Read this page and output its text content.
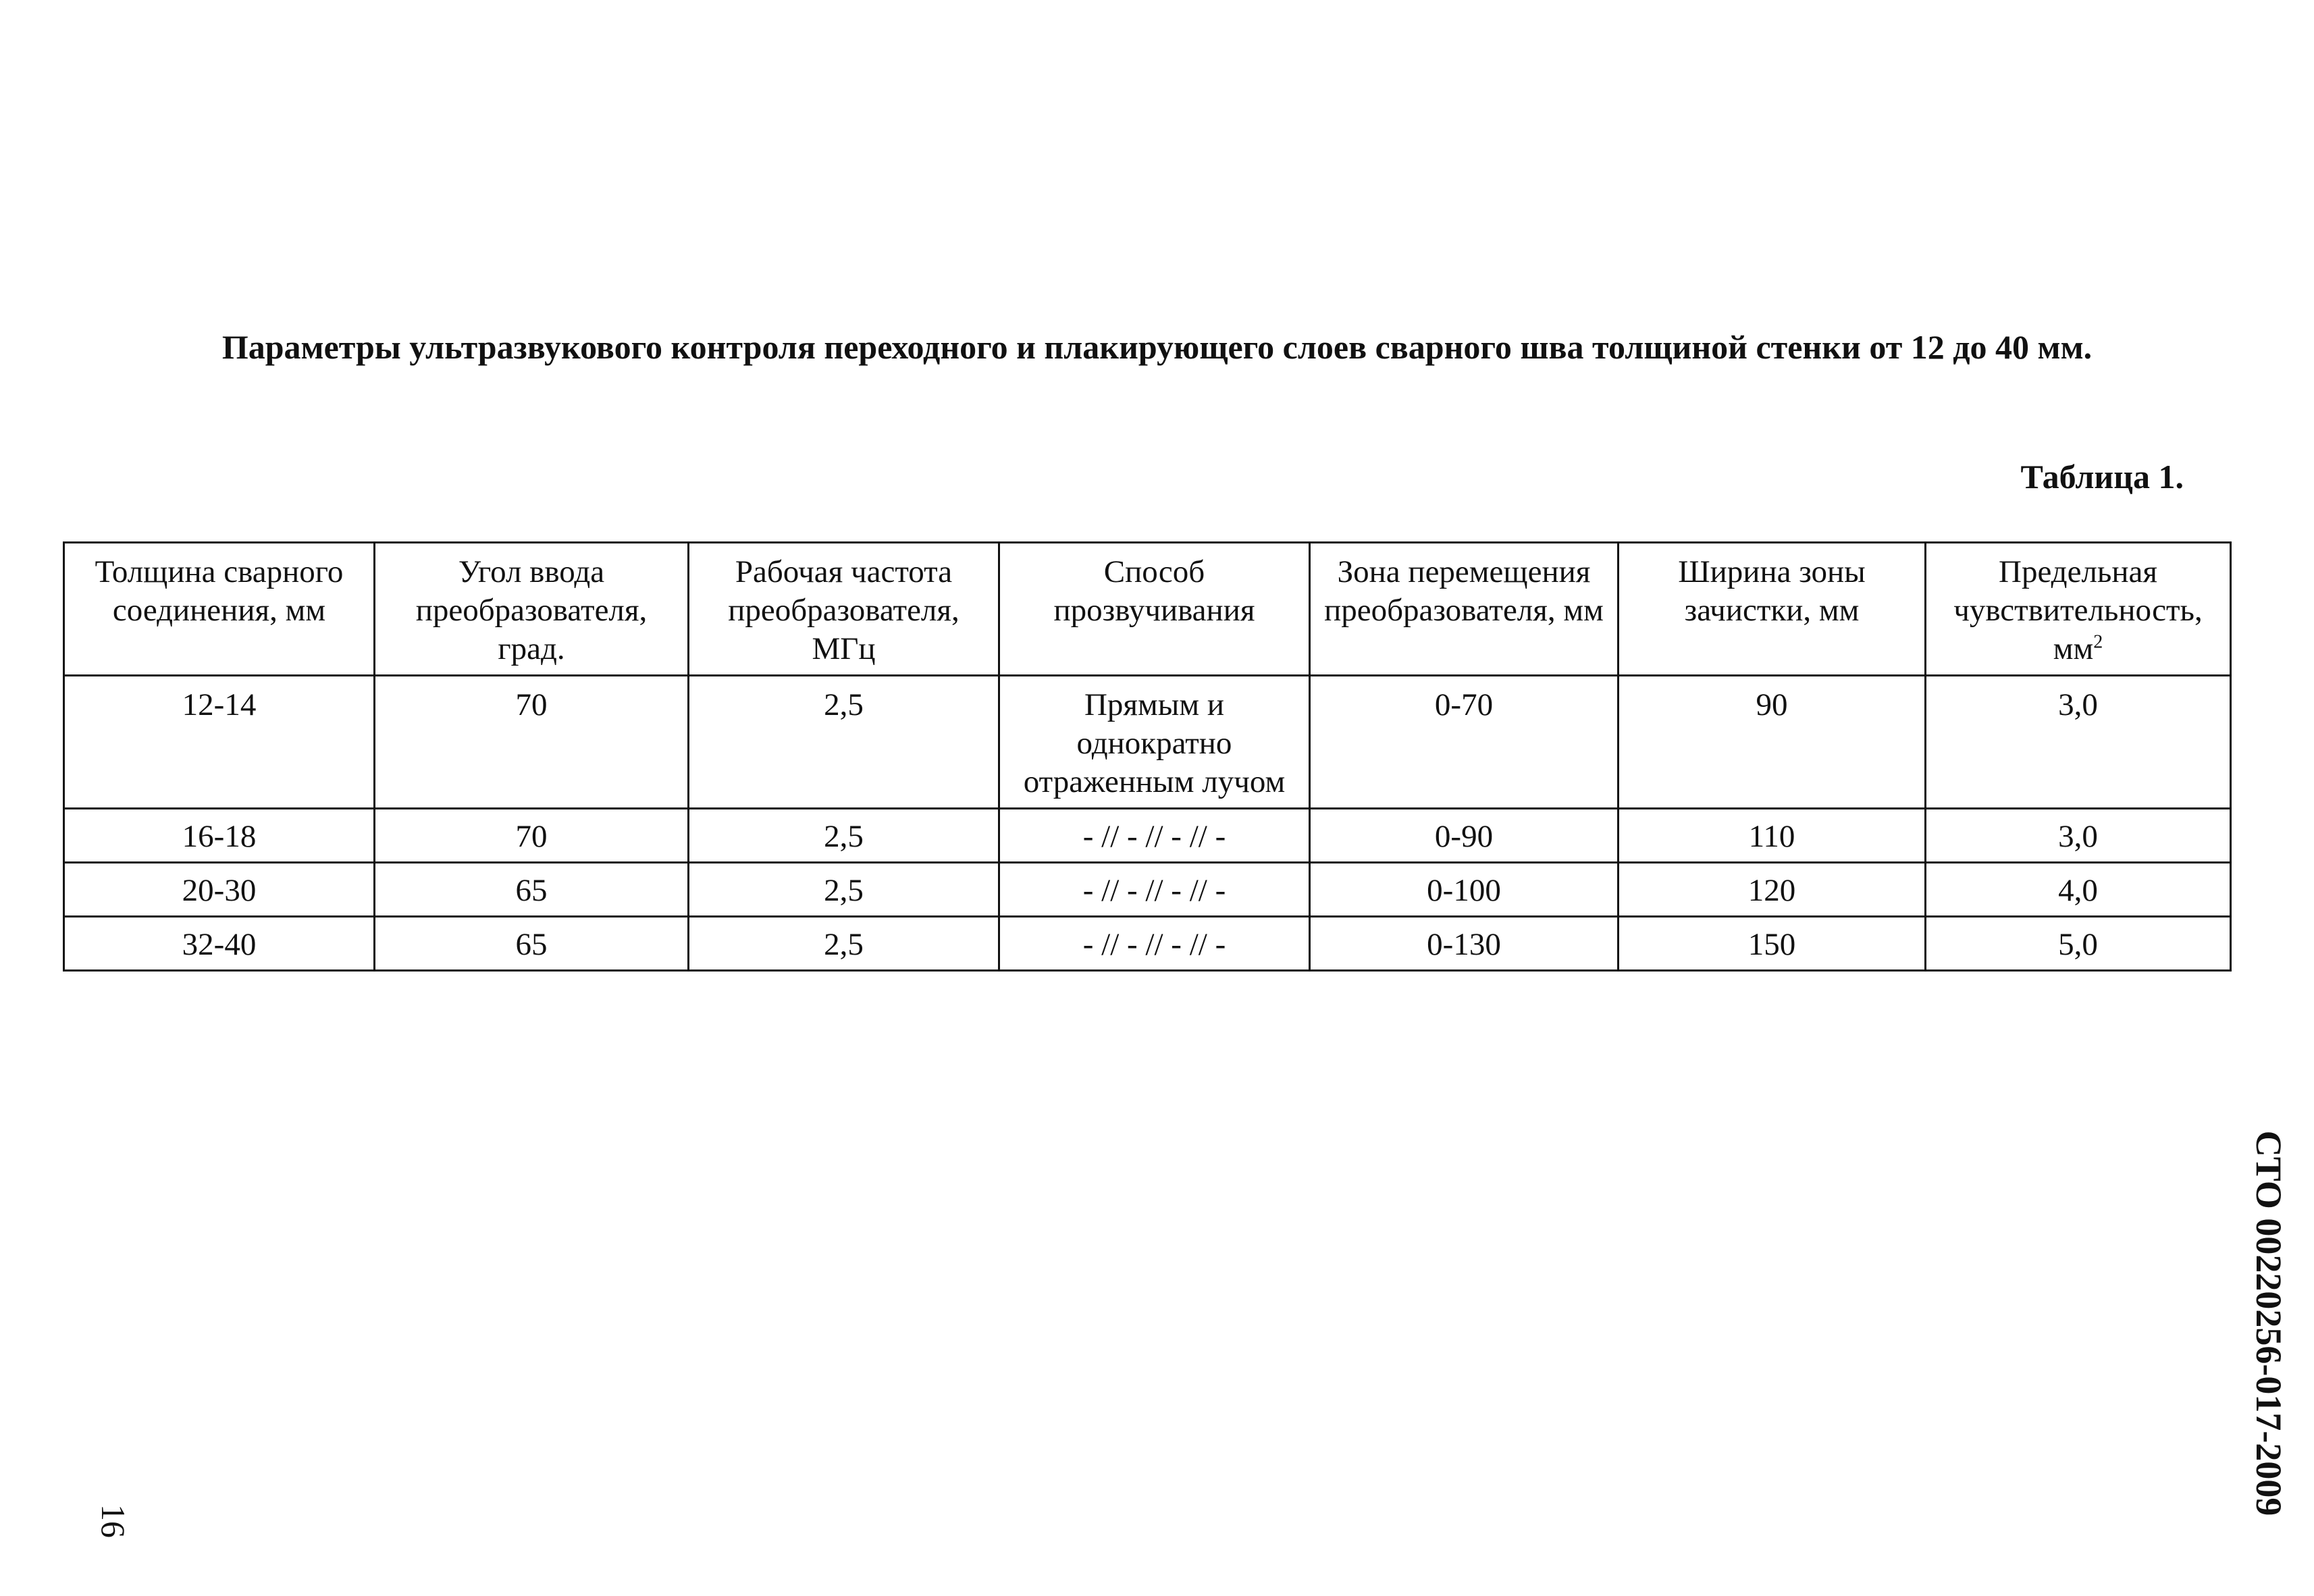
Параметры ультразвукового контроля переходного и плакирующего слоев сварного шва толщиной стенки от 12 до 40 мм.
Таблица 1.
Толщина сварного соединения, мм	Угол ввода преобразователя, град.	Рабочая частота преобразователя, МГц	Способ прозвучивания	Зона перемещения преобразователя, мм	Ширина зоны зачистки, мм	Предельная чувствительность, $мм^2$
12-14	70	2,5	Прямым и однократно отраженным лучом	0-70	90	3,0
16-18	70	2,5	- // - // - // -	0-90	110	3,0
20-30	65	2,5	- // - // - // -	0-100	120	4,0
32-40	65	2,5	- // - // - // -	0-130	150	5,0
16
СТО 00220256-017-2009
